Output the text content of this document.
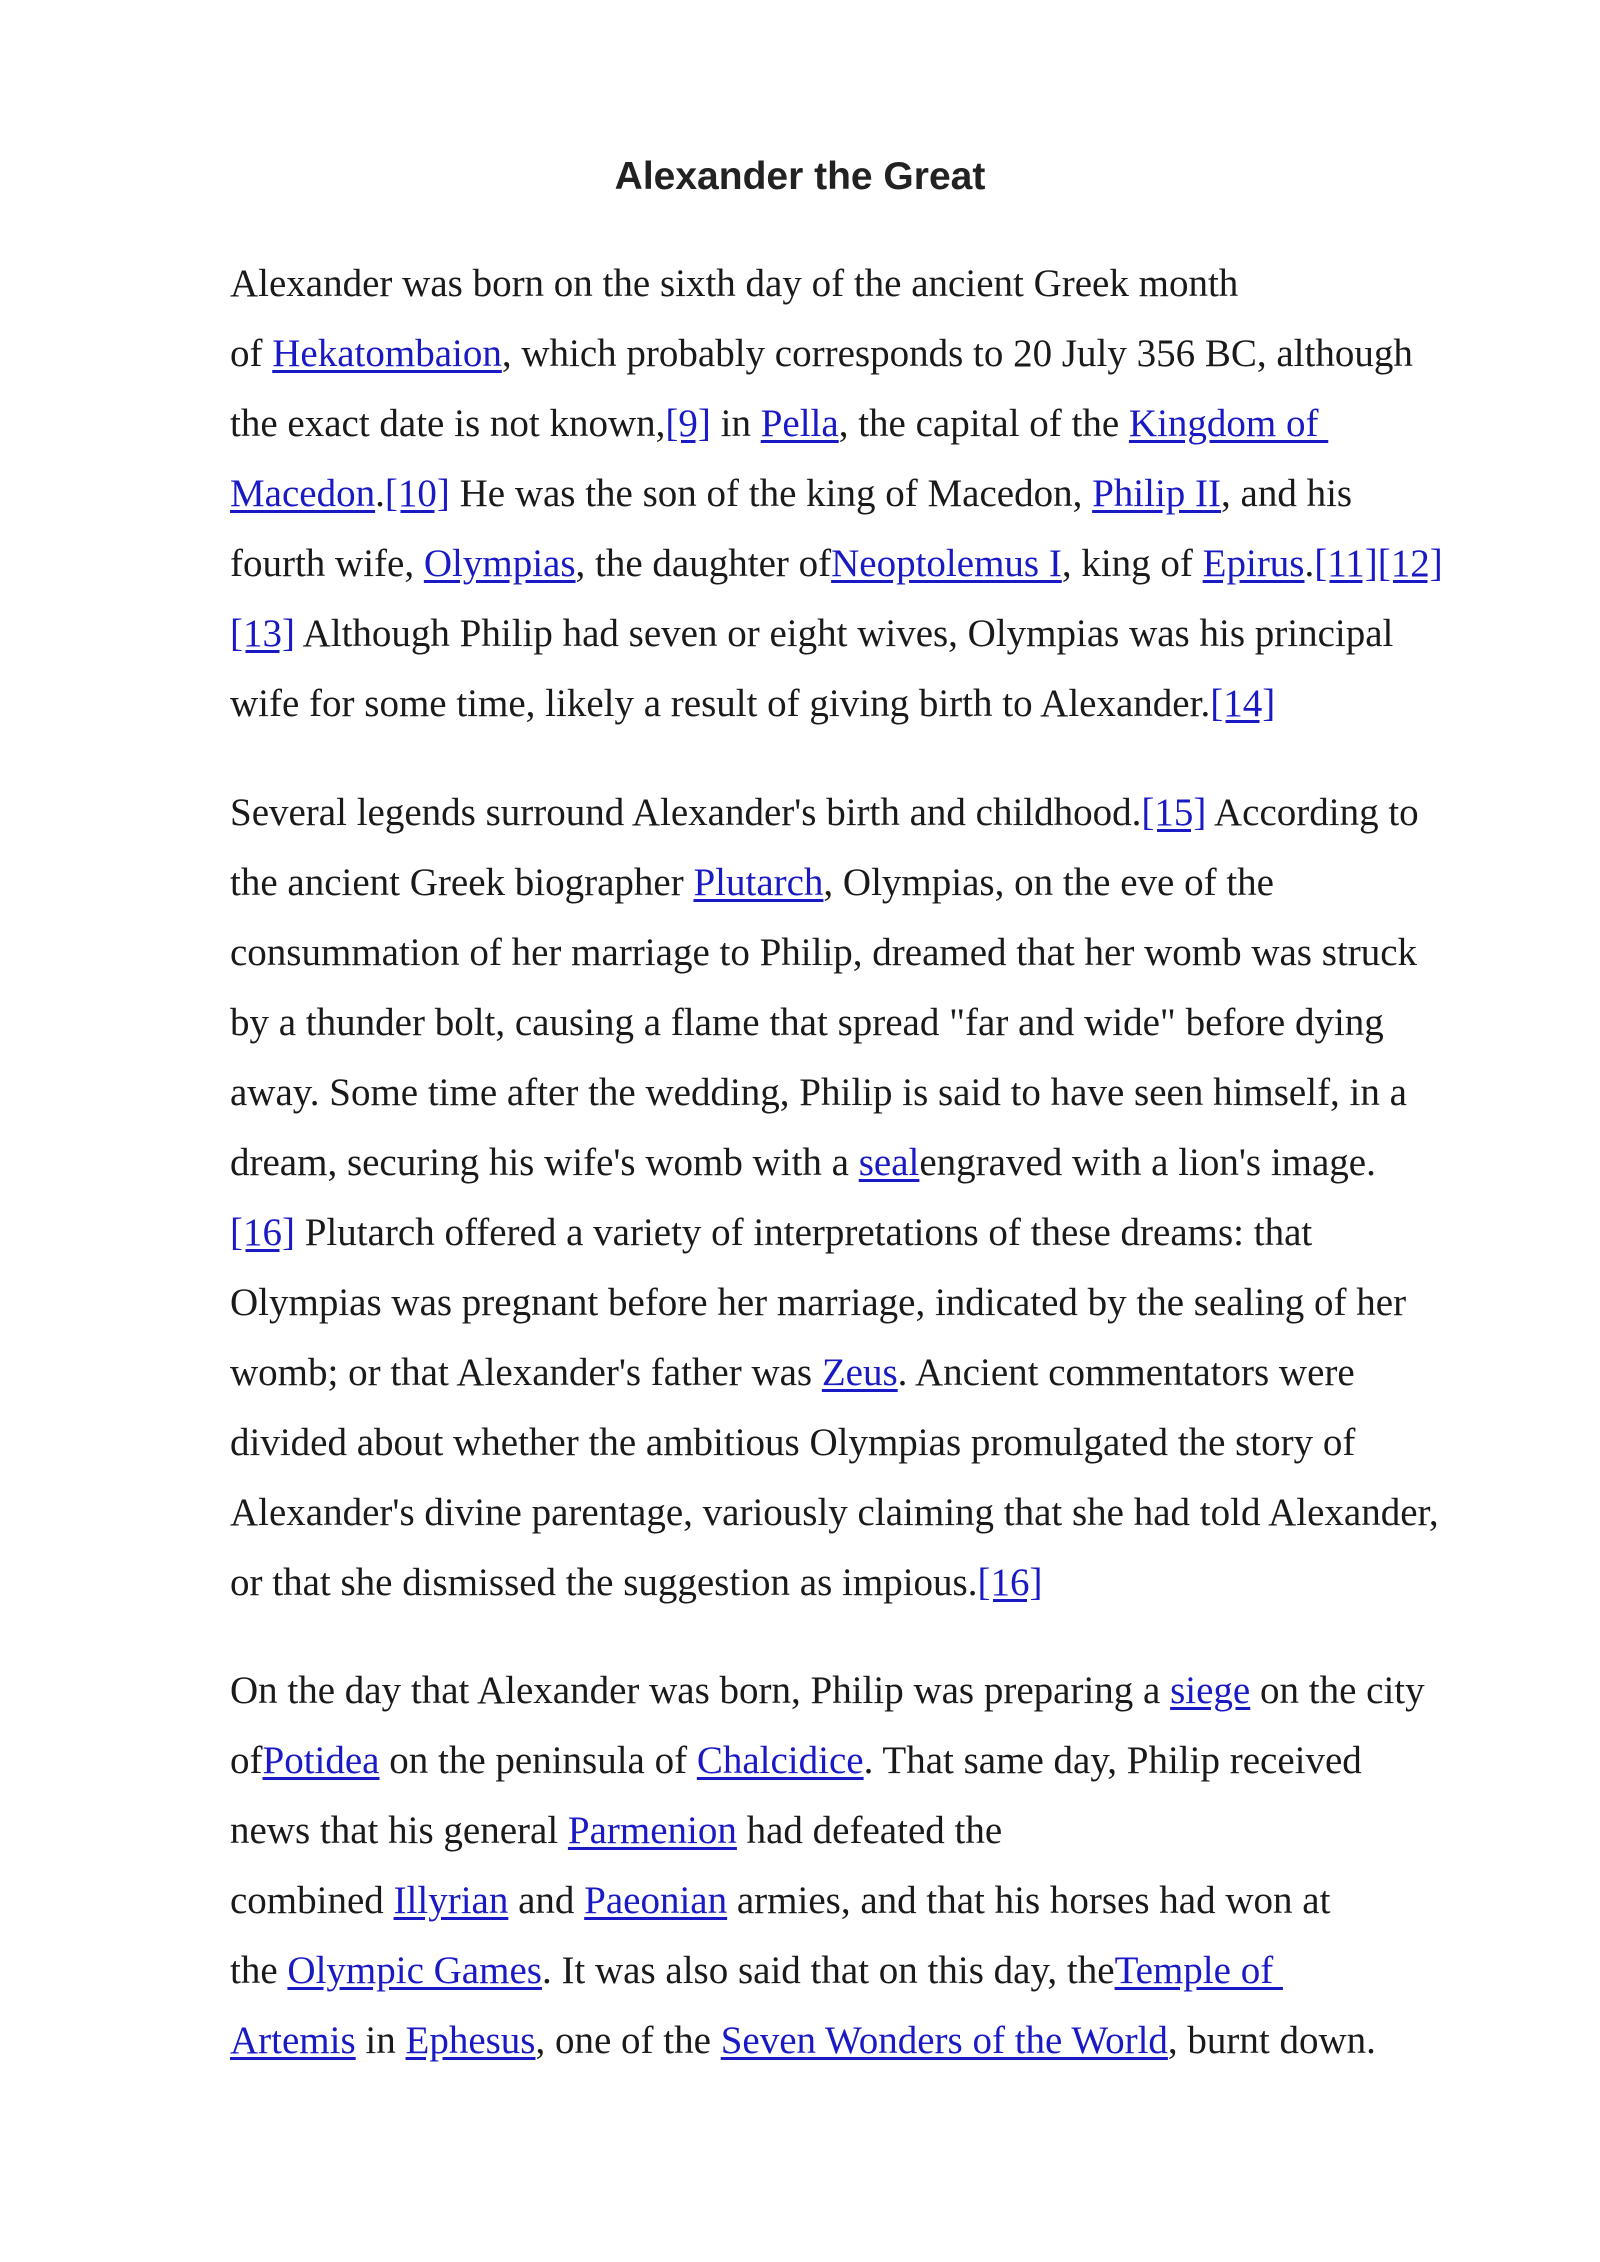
Alexander the Great

Alexander was born on the sixth day of the ancient Greek month
of Hekatombaion, which probably corresponds to 20 July 356 BC, although
the exact date is not known,[9] in Pella, the capital of the Kingdom of
Macedon.[10] He was the son of the king of Macedon, Philip II, and his
fourth wife, Olympias, the daughter ofNeoptolemus I, king of Epirus.[11][12]
[13] Although Philip had seven or eight wives, Olympias was his principal
wife for some time, likely a result of giving birth to Alexander.[14]

Several legends surround Alexander's birth and childhood.[15] According to
the ancient Greek biographer Plutarch, Olympias, on the eve of the
consummation of her marriage to Philip, dreamed that her womb was struck
by a thunder bolt, causing a flame that spread "far and wide" before dying
away. Some time after the wedding, Philip is said to have seen himself, in a
dream, securing his wife's womb with a sealengraved with a lion's image.
[16] Plutarch offered a variety of interpretations of these dreams: that
Olympias was pregnant before her marriage, indicated by the sealing of her
womb; or that Alexander's father was Zeus. Ancient commentators were
divided about whether the ambitious Olympias promulgated the story of
Alexander's divine parentage, variously claiming that she had told Alexander,
or that she dismissed the suggestion as impious.[16]

On the day that Alexander was born, Philip was preparing a siege on the city
ofPotidea on the peninsula of Chalcidice. That same day, Philip received
news that his general Parmenion had defeated the
combined Illyrian and Paeonian armies, and that his horses had won at
the Olympic Games. It was also said that on this day, theTemple of
Artemis in Ephesus, one of the Seven Wonders of the World, burnt down.
